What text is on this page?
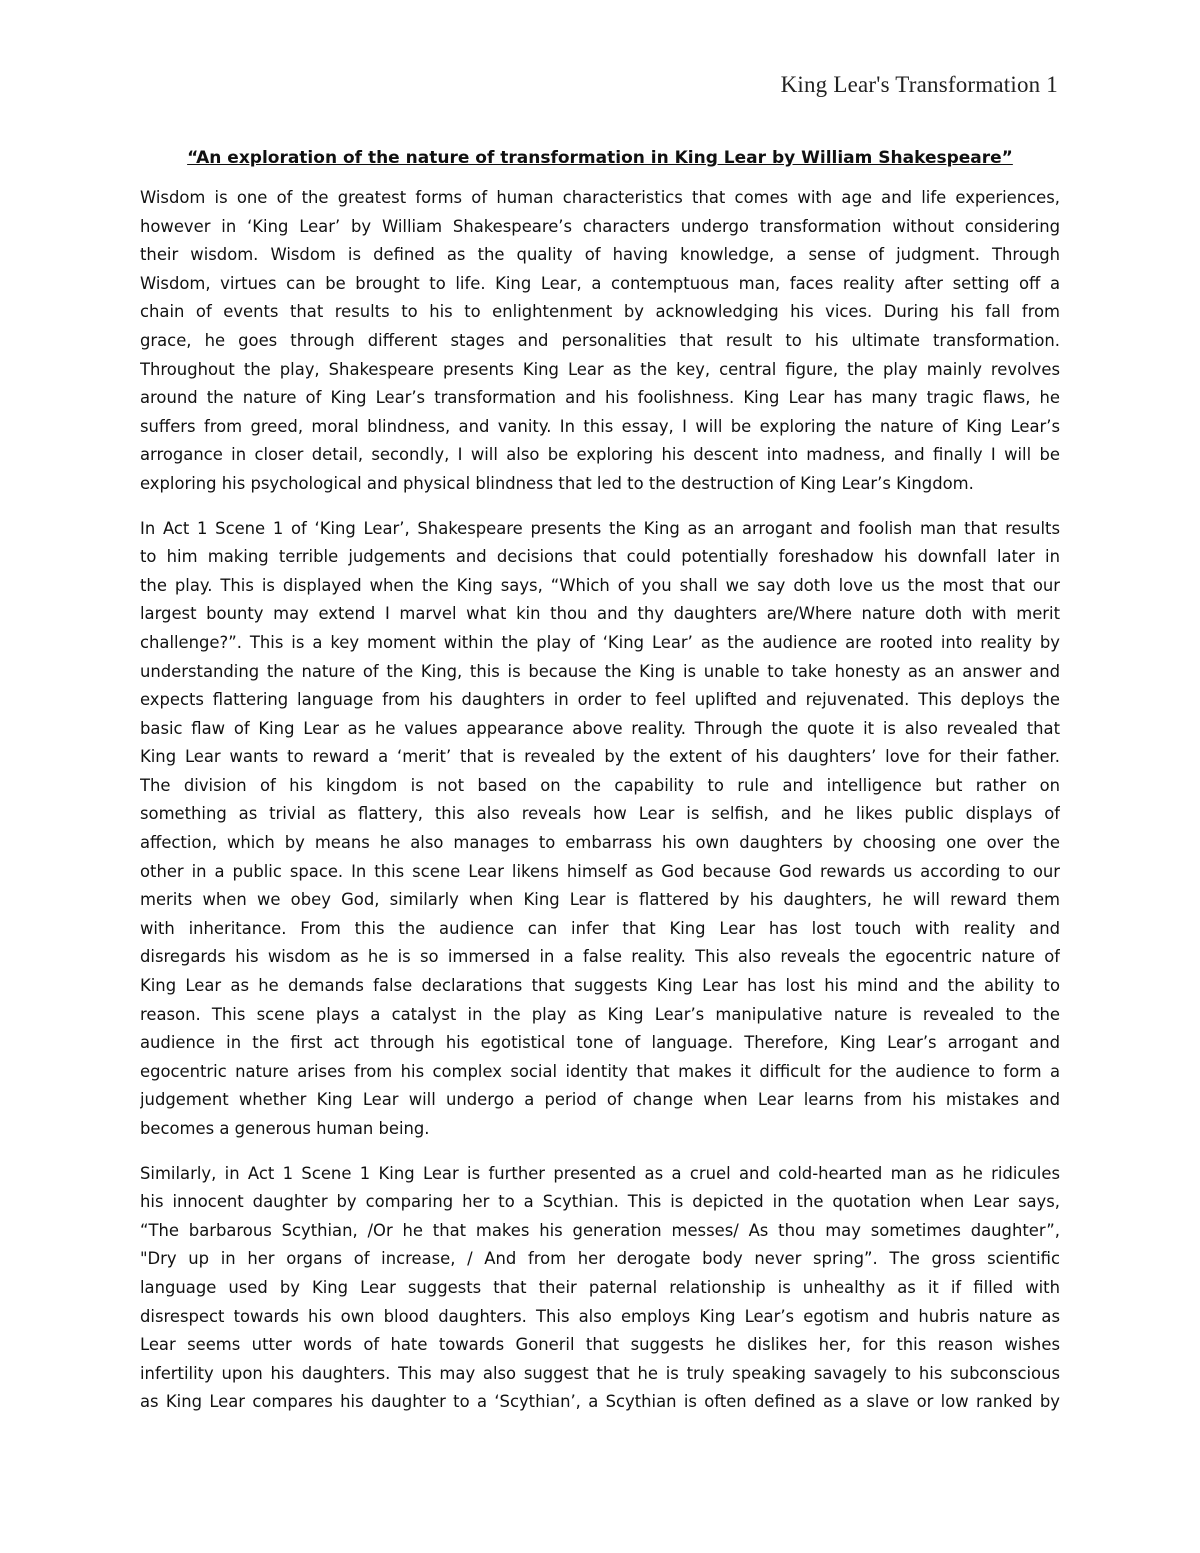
King Lear's Transformation 1
“An exploration of the nature of transformation in King Lear by William Shakespeare”
Wisdom is one of the greatest forms of human characteristics that comes with age and life experiences,
however in ‘King Lear’ by William Shakespeare’s characters undergo transformation without considering
their wisdom. Wisdom is defined as the quality of having knowledge, a sense of judgment. Through
Wisdom, virtues can be brought to life. King Lear, a contemptuous man, faces reality after setting off a
chain of events that results to his to enlightenment by acknowledging his vices. During his fall from
grace, he goes through different stages and personalities that result to his ultimate transformation.
Throughout the play, Shakespeare presents King Lear as the key, central figure, the play mainly revolves
around the nature of King Lear’s transformation and his foolishness. King Lear has many tragic flaws, he
suffers from greed, moral blindness, and vanity. In this essay, I will be exploring the nature of King Lear’s
arrogance in closer detail, secondly, I will also be exploring his descent into madness, and finally I will be
exploring his psychological and physical blindness that led to the destruction of King Lear’s Kingdom.
In Act 1 Scene 1 of ‘King Lear’, Shakespeare presents the King as an arrogant and foolish man that results
to him making terrible judgements and decisions that could potentially foreshadow his downfall later in
the play. This is displayed when the King says, “Which of you shall we say doth love us the most that our
largest bounty may extend I marvel what kin thou and thy daughters are/Where nature doth with merit
challenge?”. This is a key moment within the play of ‘King Lear’ as the audience are rooted into reality by
understanding the nature of the King, this is because the King is unable to take honesty as an answer and
expects flattering language from his daughters in order to feel uplifted and rejuvenated. This deploys the
basic flaw of King Lear as he values appearance above reality. Through the quote it is also revealed that
King Lear wants to reward a ‘merit’ that is revealed by the extent of his daughters’ love for their father.
The division of his kingdom is not based on the capability to rule and intelligence but rather on
something as trivial as flattery, this also reveals how Lear is selfish, and he likes public displays of
affection, which by means he also manages to embarrass his own daughters by choosing one over the
other in a public space. In this scene Lear likens himself as God because God rewards us according to our
merits when we obey God, similarly when King Lear is flattered by his daughters, he will reward them
with inheritance. From this the audience can infer that King Lear has lost touch with reality and
disregards his wisdom as he is so immersed in a false reality. This also reveals the egocentric nature of
King Lear as he demands false declarations that suggests King Lear has lost his mind and the ability to
reason. This scene plays a catalyst in the play as King Lear’s manipulative nature is revealed to the
audience in the first act through his egotistical tone of language. Therefore, King Lear’s arrogant and
egocentric nature arises from his complex social identity that makes it difficult for the audience to form a
judgement whether King Lear will undergo a period of change when Lear learns from his mistakes and
becomes a generous human being.
Similarly, in Act 1 Scene 1 King Lear is further presented as a cruel and cold-hearted man as he ridicules
his innocent daughter by comparing her to a Scythian. This is depicted in the quotation when Lear says,
“The barbarous Scythian, /Or he that makes his generation messes/ As thou may sometimes daughter”,
"Dry up in her organs of increase, / And from her derogate body never spring”. The gross scientific
language used by King Lear suggests that their paternal relationship is unhealthy as it if filled with
disrespect towards his own blood daughters. This also employs King Lear’s egotism and hubris nature as
Lear seems utter words of hate towards Goneril that suggests he dislikes her, for this reason wishes
infertility upon his daughters. This may also suggest that he is truly speaking savagely to his subconscious
as King Lear compares his daughter to a ‘Scythian’, a Scythian is often defined as a slave or low ranked by
